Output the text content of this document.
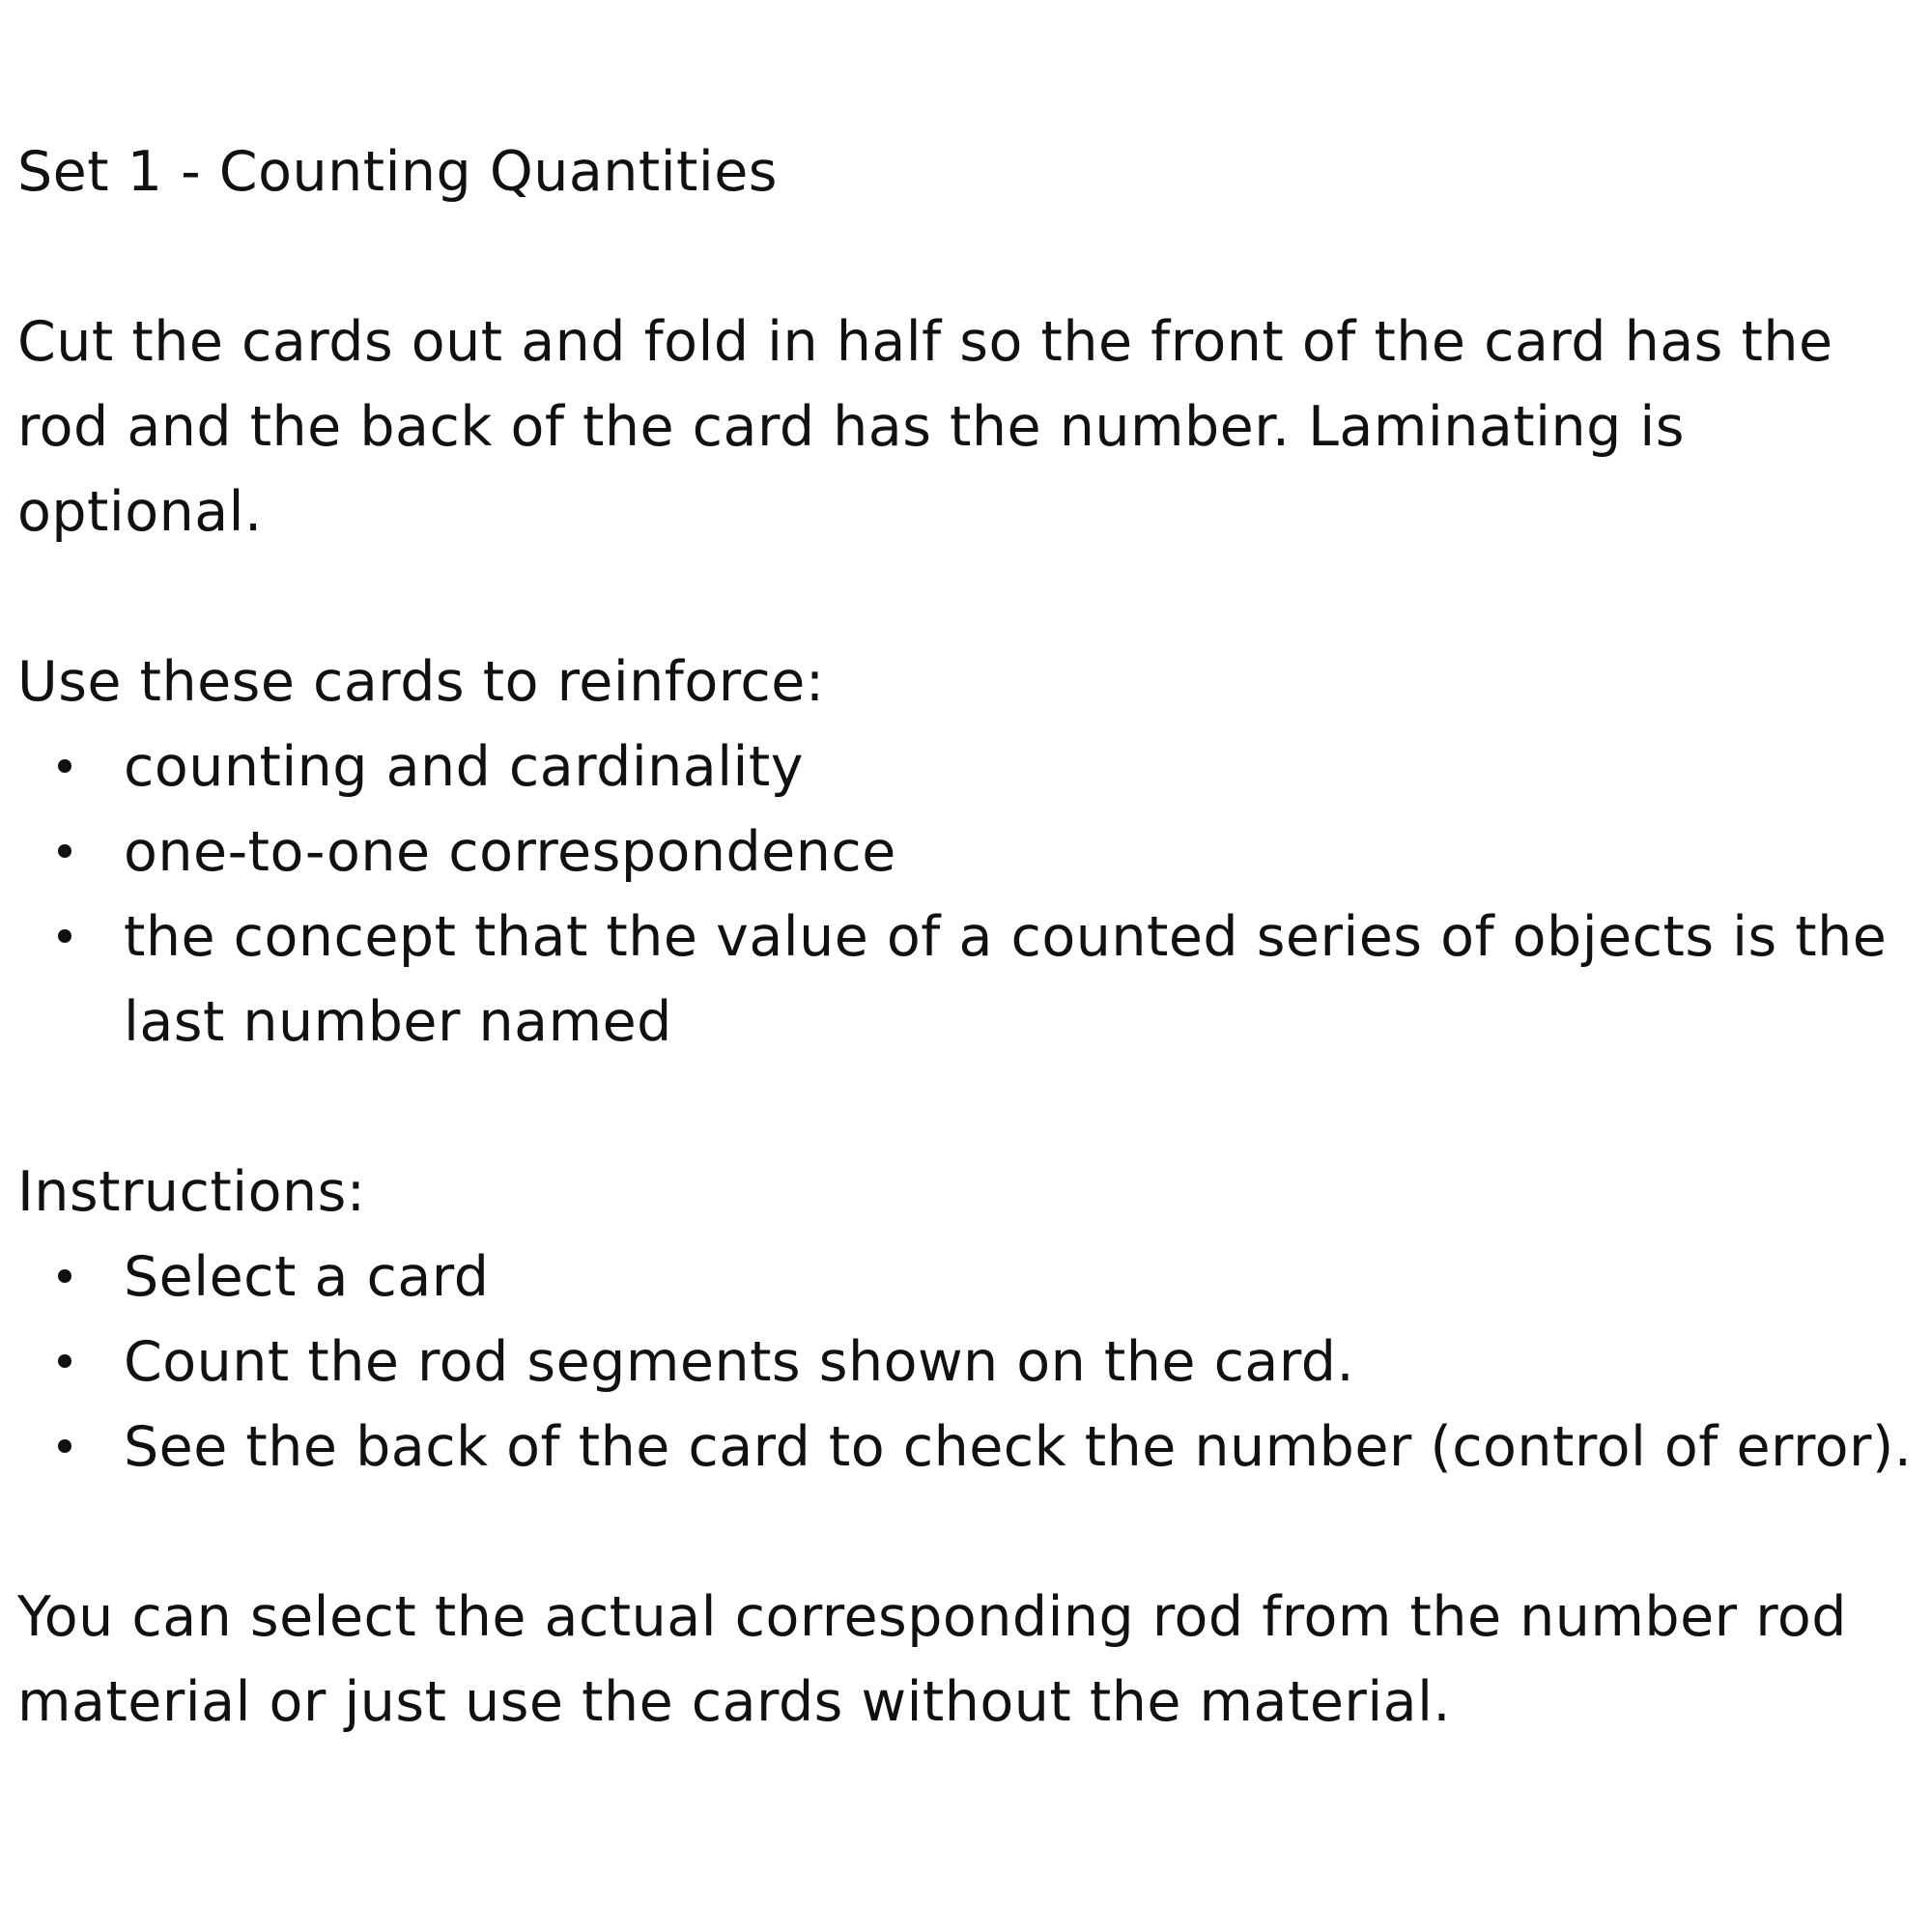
Set 1 - Counting Quantities

Cut the cards out and fold in half so the front of the card has the rod and the back of the card has the number. Laminating is optional.

Use these cards to reinforce:

counting and cardinality
one-to-one correspondence
the concept that the value of a counted series of objects is the last number named

Instructions:

Select a card
Count the rod segments shown on the card.
See the back of the card to check the number (control of error).

You can select the actual corresponding rod from the number rod material or just use the cards without the material.
